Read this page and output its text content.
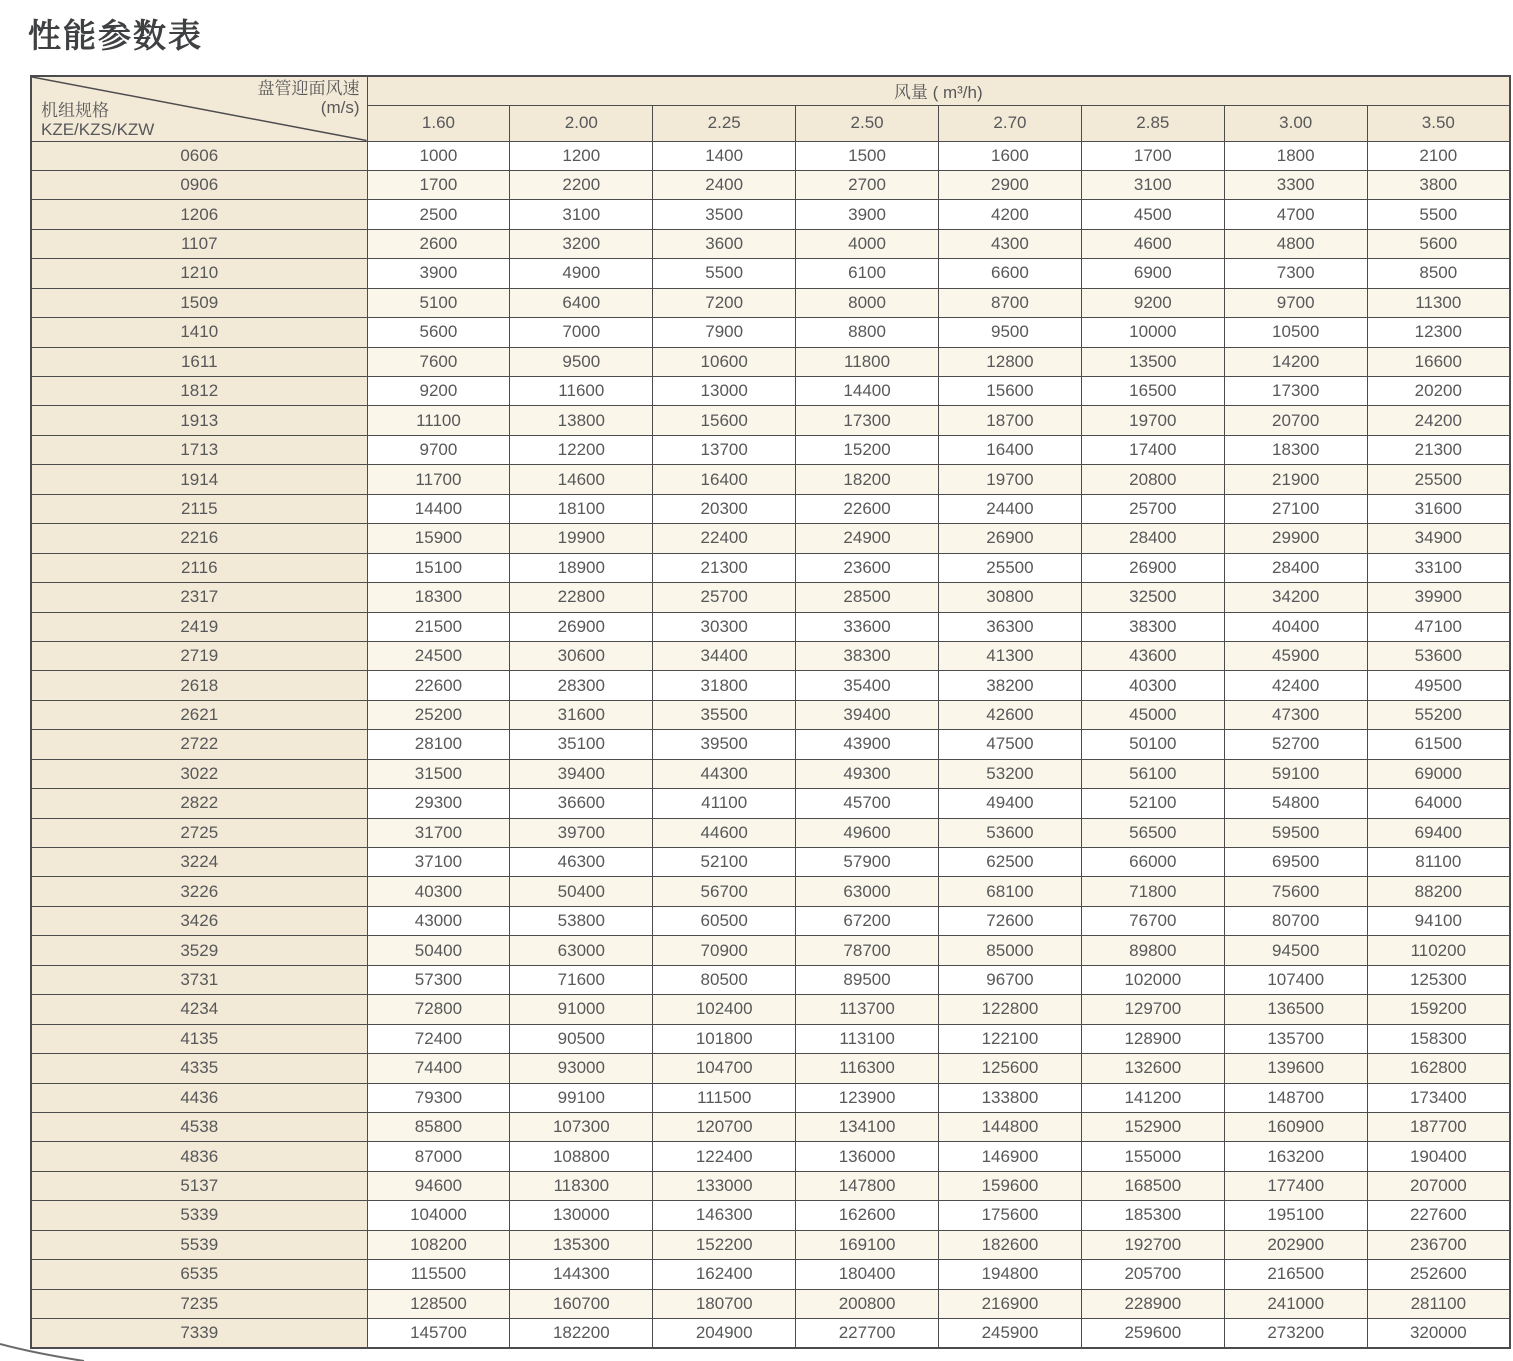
性能参数表
盘管迎面风速
(m/s)
机组规格
KZE/KZS/KZW	风量 ( m³/h)							
	1.60	2.00	2.25	2.50	2.70	2.85	3.00	3.50
0606	1000	1200	1400	1500	1600	1700	1800	2100
0906	1700	2200	2400	2700	2900	3100	3300	3800
1206	2500	3100	3500	3900	4200	4500	4700	5500
1107	2600	3200	3600	4000	4300	4600	4800	5600
1210	3900	4900	5500	6100	6600	6900	7300	8500
1509	5100	6400	7200	8000	8700	9200	9700	11300
1410	5600	7000	7900	8800	9500	10000	10500	12300
1611	7600	9500	10600	11800	12800	13500	14200	16600
1812	9200	11600	13000	14400	15600	16500	17300	20200
1913	11100	13800	15600	17300	18700	19700	20700	24200
1713	9700	12200	13700	15200	16400	17400	18300	21300
1914	11700	14600	16400	18200	19700	20800	21900	25500
2115	14400	18100	20300	22600	24400	25700	27100	31600
2216	15900	19900	22400	24900	26900	28400	29900	34900
2116	15100	18900	21300	23600	25500	26900	28400	33100
2317	18300	22800	25700	28500	30800	32500	34200	39900
2419	21500	26900	30300	33600	36300	38300	40400	47100
2719	24500	30600	34400	38300	41300	43600	45900	53600
2618	22600	28300	31800	35400	38200	40300	42400	49500
2621	25200	31600	35500	39400	42600	45000	47300	55200
2722	28100	35100	39500	43900	47500	50100	52700	61500
3022	31500	39400	44300	49300	53200	56100	59100	69000
2822	29300	36600	41100	45700	49400	52100	54800	64000
2725	31700	39700	44600	49600	53600	56500	59500	69400
3224	37100	46300	52100	57900	62500	66000	69500	81100
3226	40300	50400	56700	63000	68100	71800	75600	88200
3426	43000	53800	60500	67200	72600	76700	80700	94100
3529	50400	63000	70900	78700	85000	89800	94500	110200
3731	57300	71600	80500	89500	96700	102000	107400	125300
4234	72800	91000	102400	113700	122800	129700	136500	159200
4135	72400	90500	101800	113100	122100	128900	135700	158300
4335	74400	93000	104700	116300	125600	132600	139600	162800
4436	79300	99100	111500	123900	133800	141200	148700	173400
4538	85800	107300	120700	134100	144800	152900	160900	187700
4836	87000	108800	122400	136000	146900	155000	163200	190400
5137	94600	118300	133000	147800	159600	168500	177400	207000
5339	104000	130000	146300	162600	175600	185300	195100	227600
5539	108200	135300	152200	169100	182600	192700	202900	236700
6535	115500	144300	162400	180400	194800	205700	216500	252600
7235	128500	160700	180700	200800	216900	228900	241000	281100
7339	145700	182200	204900	227700	245900	259600	273200	320000
